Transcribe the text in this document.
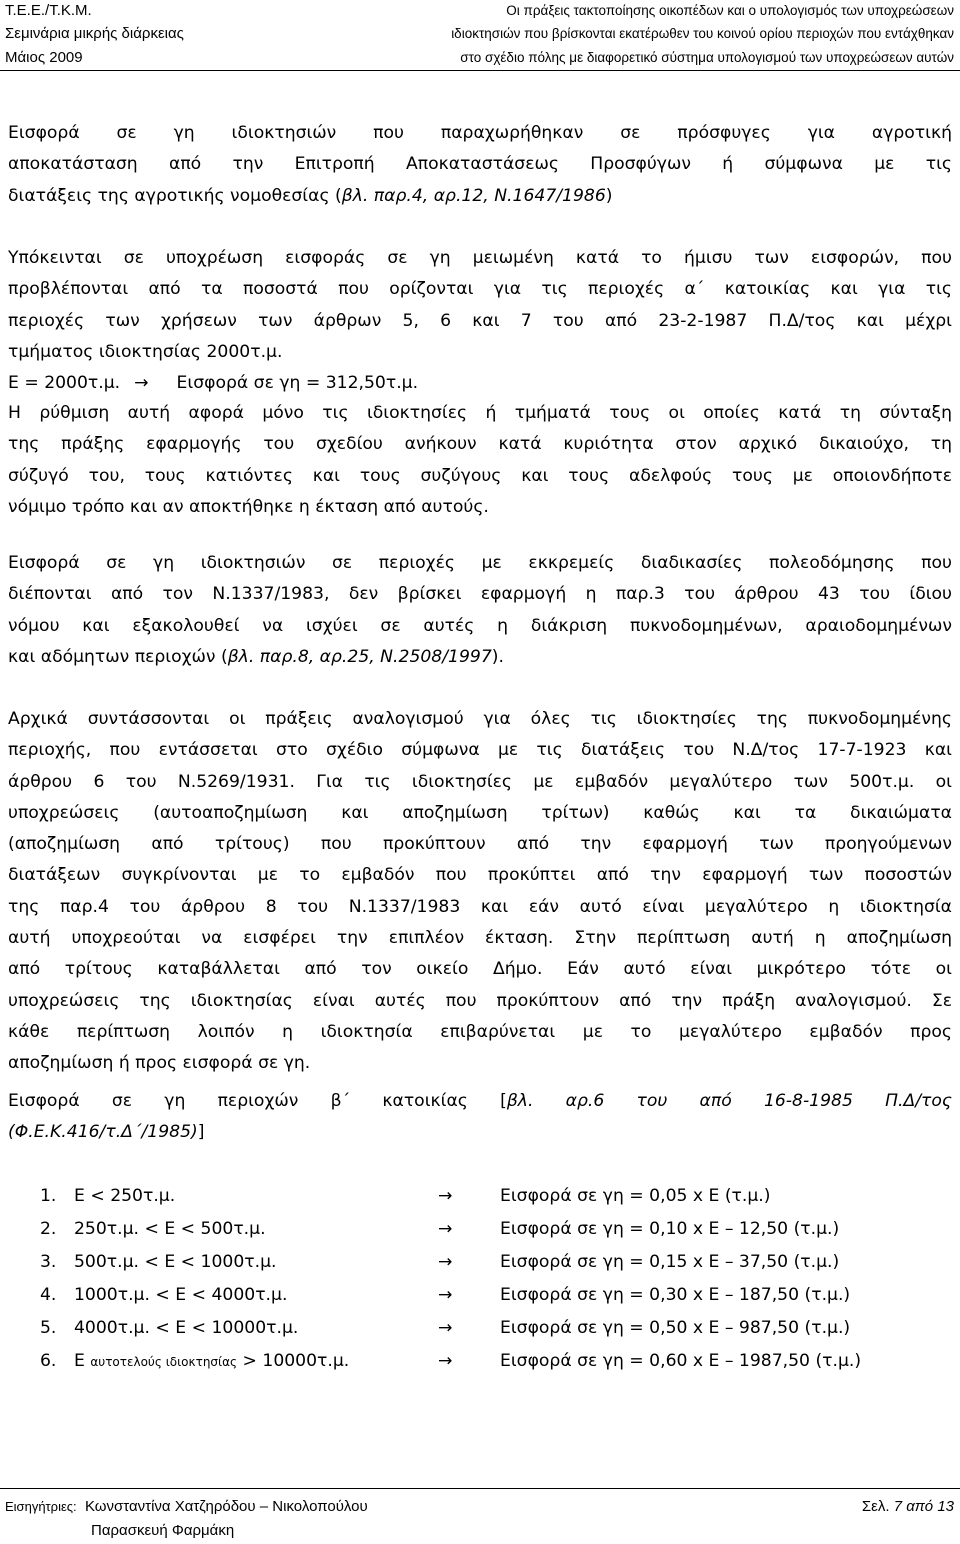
Τ.Ε.Ε./Τ.Κ.Μ.	Οι πράξεις τακτοποίησης οικοπέδων και ο υπολογισμός των υποχρεώσεων
Σεμινάρια μικρής διάρκειας	ιδιοκτησιών που βρίσκονται εκατέρωθεν του κοινού ορίου περιοχών που εντάχθηκαν
Μάιος 2009	στο σχέδιο πόλης με διαφορετικό σύστημα υπολογισμού των υποχρεώσεων αυτών
Εισφορά σε γη ιδιοκτησιών που παραχωρήθηκαν σε πρόσφυγες για αγροτική
αποκατάσταση από την Επιτροπή Αποκαταστάσεως Προσφύγων ή σύμφωνα με τις
διατάξεις της αγροτικής νομοθεσίας (βλ. παρ.4, αρ.12, Ν.1647/1986)
Υπόκεινται σε υποχρέωση εισφοράς σε γη μειωμένη κατά το ήμισυ των εισφορών, που
προβλέπονται από τα ποσοστά που ορίζονται για τις περιοχές α΄ κατοικίας και για τις
περιοχές των χρήσεων των άρθρων 5, 6 και 7 του από 23-2-1987 Π.Δ/τος και μέχρι
τμήματος ιδιοκτησίας 2000τ.μ.
Ε = 2000τ.μ. → Εισφορά σε γη = 312,50τ.μ.
Η ρύθμιση αυτή αφορά μόνο τις ιδιοκτησίες ή τμήματά τους οι οποίες κατά τη σύνταξη
της πράξης εφαρμογής του σχεδίου ανήκουν κατά κυριότητα στον αρχικό δικαιούχο, τη
σύζυγό του, τους κατιόντες και τους συζύγους και τους αδελφούς τους με οποιονδήποτε
νόμιμο τρόπο και αν αποκτήθηκε η έκταση από αυτούς.
Εισφορά σε γη ιδιοκτησιών σε περιοχές με εκκρεμείς διαδικασίες πολεοδόμησης που
διέπονται από τον Ν.1337/1983, δεν βρίσκει εφαρμογή η παρ.3 του άρθρου 43 του ίδιου
νόμου και εξακολουθεί να ισχύει σε αυτές η διάκριση πυκνοδομημένων, αραιοδομημένων
και αδόμητων περιοχών (βλ. παρ.8, αρ.25, Ν.2508/1997).
Αρχικά συντάσσονται οι πράξεις αναλογισμού για όλες τις ιδιοκτησίες της πυκνοδομημένης
περιοχής, που εντάσσεται στο σχέδιο σύμφωνα με τις διατάξεις του Ν.Δ/τος 17-7-1923 και
άρθρου 6 του Ν.5269/1931. Για τις ιδιοκτησίες με εμβαδόν μεγαλύτερο των 500τ.μ. οι
υποχρεώσεις (αυτοαποζημίωση και αποζημίωση τρίτων) καθώς και τα δικαιώματα
(αποζημίωση από τρίτους) που προκύπτουν από την εφαρμογή των προηγούμενων
διατάξεων συγκρίνονται με το εμβαδόν που προκύπτει από την εφαρμογή των ποσοστών
της παρ.4 του άρθρου 8 του Ν.1337/1983 και εάν αυτό είναι μεγαλύτερο η ιδιοκτησία
αυτή υποχρεούται να εισφέρει την επιπλέον έκταση. Στην περίπτωση αυτή η αποζημίωση
από τρίτους καταβάλλεται από τον οικείο Δήμο. Εάν αυτό είναι μικρότερο τότε οι
υποχρεώσεις της ιδιοκτησίας είναι αυτές που προκύπτουν από την πράξη αναλογισμού. Σε
κάθε περίπτωση λοιπόν η ιδιοκτησία επιβαρύνεται με το μεγαλύτερο εμβαδόν προς
αποζημίωση ή προς εισφορά σε γη.
Εισφορά σε γη περιοχών β΄ κατοικίας [βλ. αρ.6 του από 16-8-1985 Π.Δ/τος
(Φ.Ε.Κ.416/τ.Δ΄/1985)]
1. Ε < 250τ.μ.	→	Εισφορά σε γη = 0,05 x Ε (τ.μ.)
2. 250τ.μ. < Ε < 500τ.μ.	→	Εισφορά σε γη = 0,10 x Ε – 12,50 (τ.μ.)
3. 500τ.μ. < Ε < 1000τ.μ.	→	Εισφορά σε γη = 0,15 x Ε – 37,50 (τ.μ.)
4. 1000τ.μ. < Ε < 4000τ.μ.	→	Εισφορά σε γη = 0,30 x Ε – 187,50 (τ.μ.)
5. 4000τ.μ. < Ε < 10000τ.μ.	→	Εισφορά σε γη = 0,50 x Ε – 987,50 (τ.μ.)
6. Ε αυτοτελούς ιδιοκτησίας > 10000τ.μ.	→	Εισφορά σε γη = 0,60 x Ε – 1987,50 (τ.μ.)
Εισηγήτριες: Κωνσταντίνα Χατζηρόδου – Νικολοπούλου
Παρασκευή Φαρμάκη
Σελ. 7 από 13
